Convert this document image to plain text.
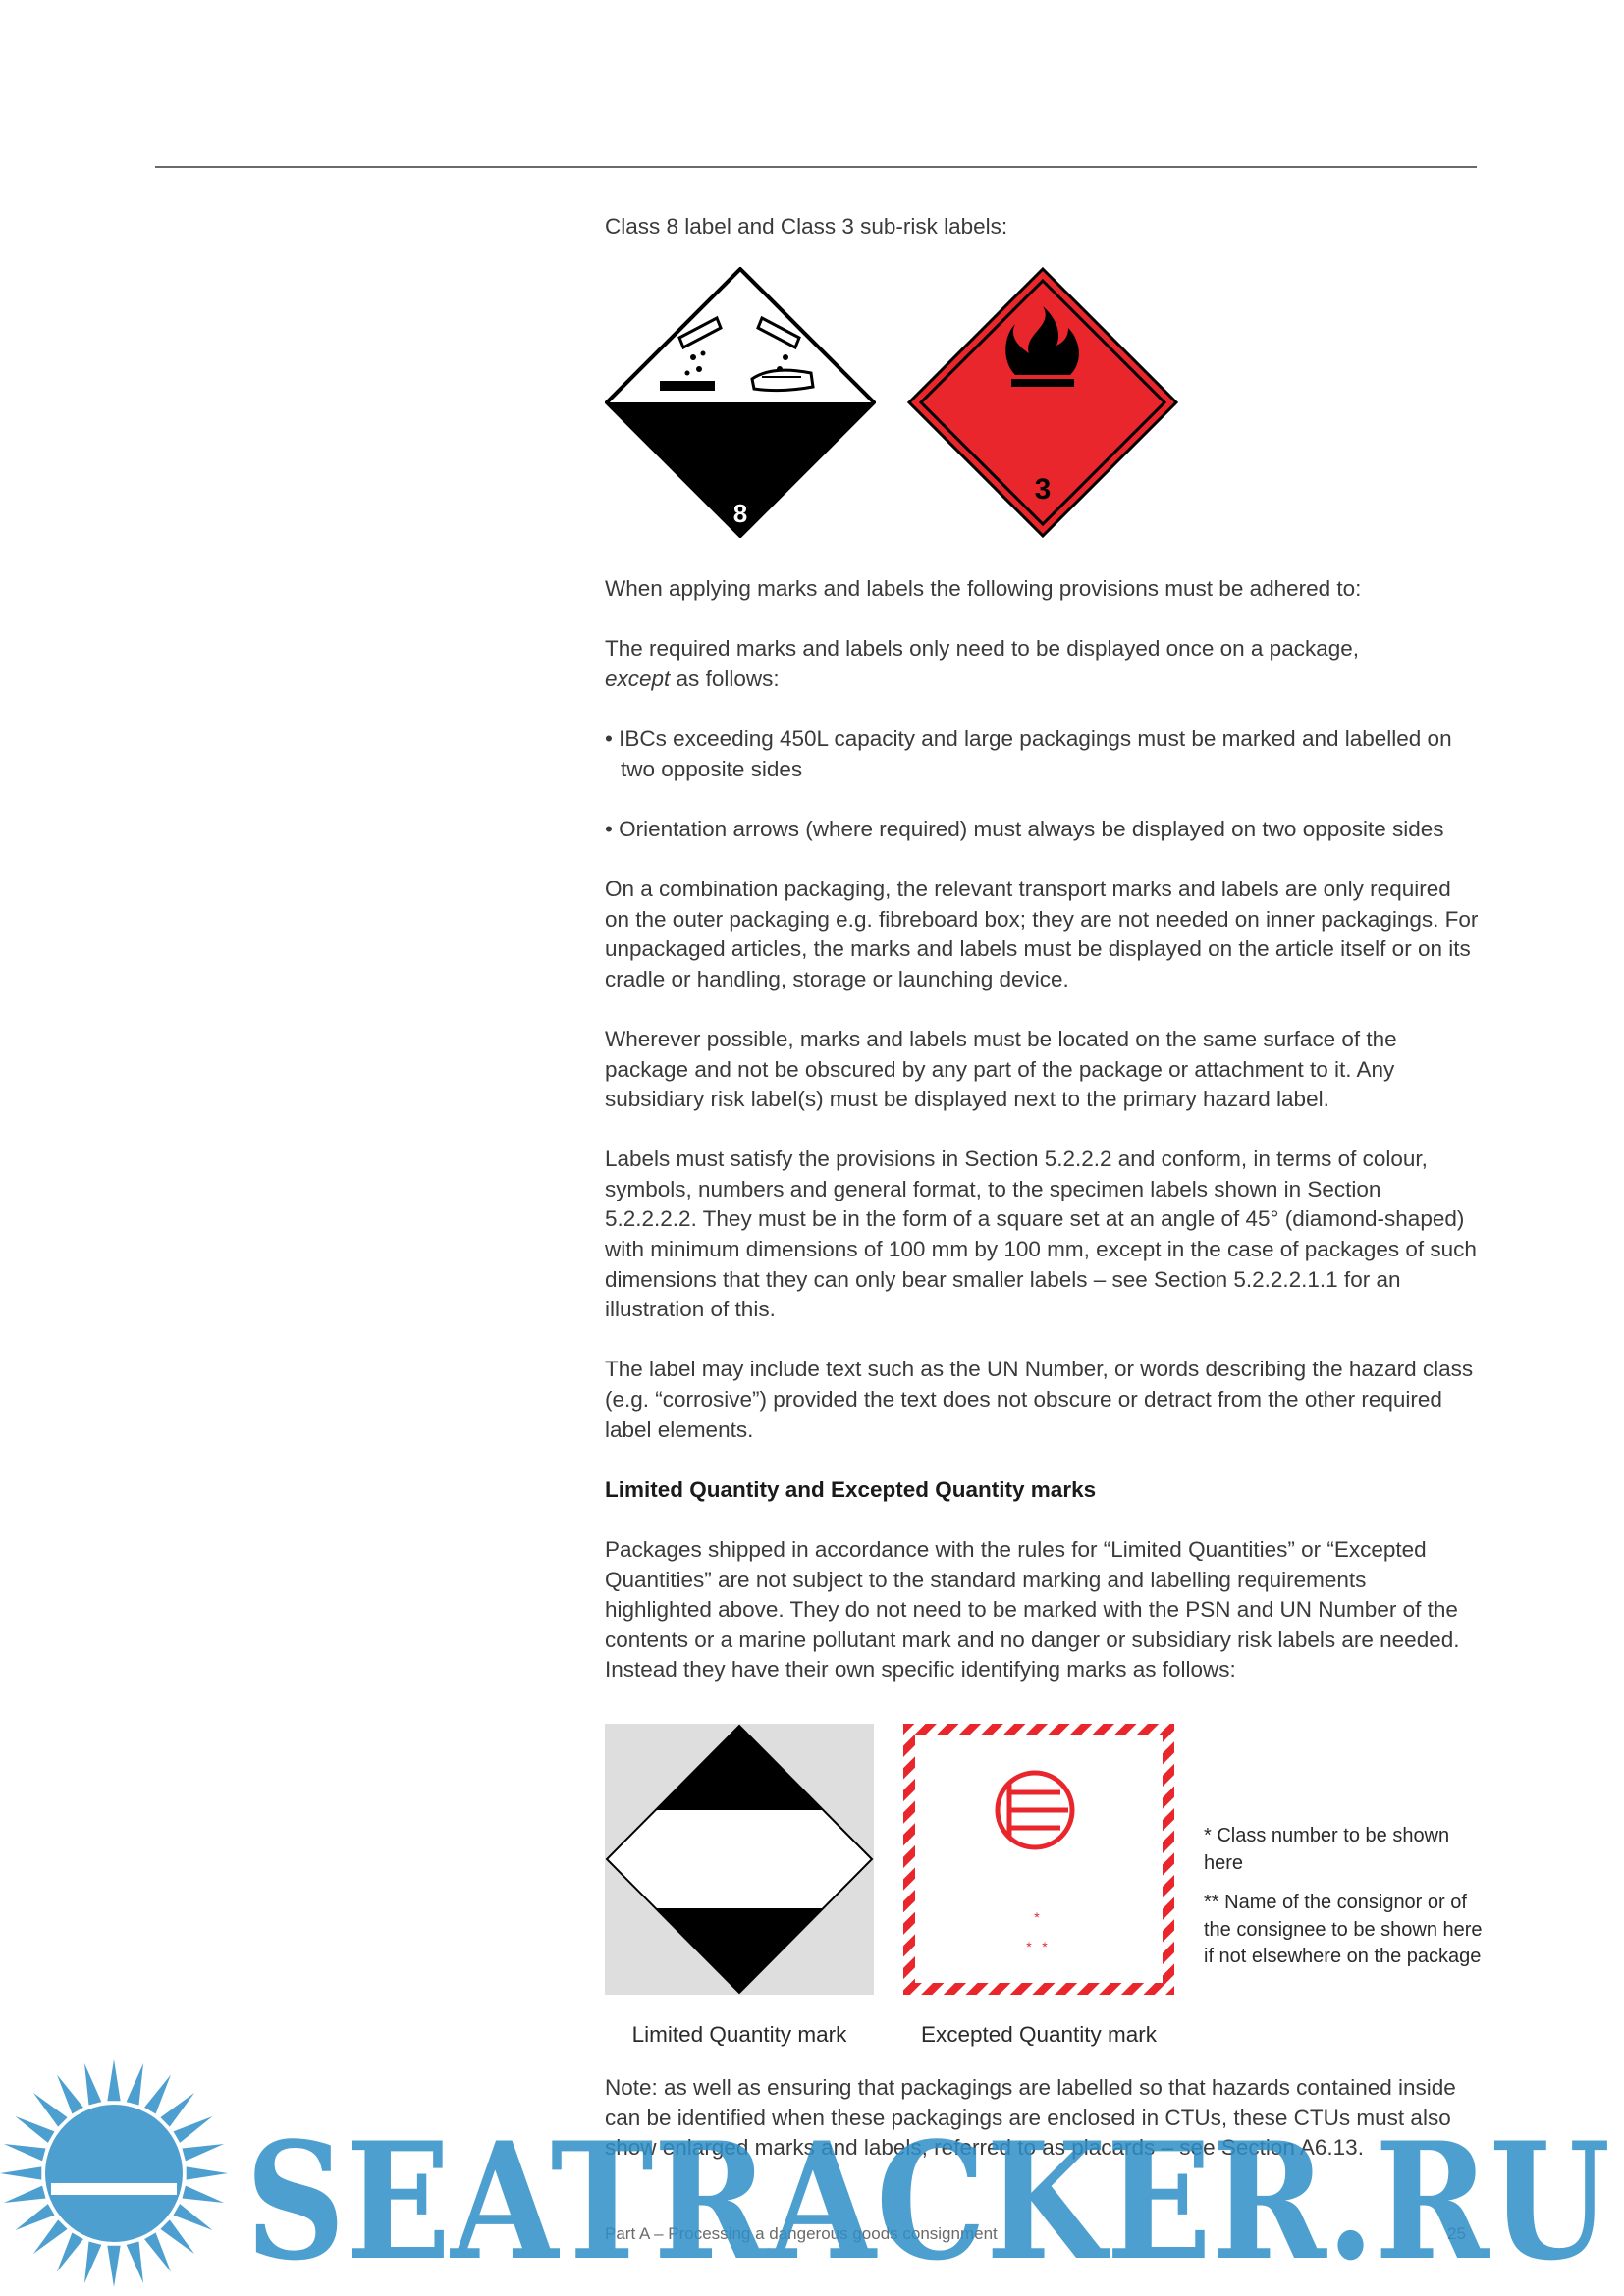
Class 8 label and Class 3 sub-risk labels:
8
3

When applying marks and labels the following provisions must be adhered to:

The required marks and labels only need to be displayed once on a package,
except as follows:

• IBCs exceeding 450L capacity and large packagings must be marked and labelled on two opposite sides

• Orientation arrows (where required) must always be displayed on two opposite sides

On a combination packaging, the relevant transport marks and labels are only required on the outer packaging e.g. fibreboard box; they are not needed on inner packagings. For unpackaged articles, the marks and labels must be displayed on the article itself or on its cradle or handling, storage or launching device.

Wherever possible, marks and labels must be located on the same surface of the package and not be obscured by any part of the package or attachment to it. Any subsidiary risk label(s) must be displayed next to the primary hazard label.

Labels must satisfy the provisions in Section 5.2.2.2 and conform, in terms of colour, symbols, numbers and general format, to the specimen labels shown in Section 5.2.2.2.2. They must be in the form of a square set at an angle of 45° (diamond-shaped) with minimum dimensions of 100 mm by 100 mm, except in the case of packages of such dimensions that they can only bear smaller labels – see Section 5.2.2.2.1.1 for an illustration of this.

The label may include text such as the UN Number, or words describing the hazard class (e.g. “corrosive”) provided the text does not obscure or detract from the other required label elements.

Limited Quantity and Excepted Quantity marks

Packages shipped in accordance with the rules for “Limited Quantities” or “Excepted Quantities” are not subject to the standard marking and labelling requirements highlighted above. They do not need to be marked with the PSN and UN Number of the contents or a marine pollutant mark and no danger or subsidiary risk labels are needed. Instead they have their own specific identifying marks as follows:

*
* *
Limited Quantity mark	Excepted Quantity mark
* Class number to be shown here
** Name of the consignor or of the consignee to be shown here if not elsewhere on the package

Note: as well as ensuring that packagings are labelled so that hazards contained inside can be identified when these packagings are enclosed in CTUs, these CTUs must also show enlarged marks and labels, referred to as placards – see Section A6.13.

Part A – Processing a dangerous goods consignment	25
SEATRACKER.RU
